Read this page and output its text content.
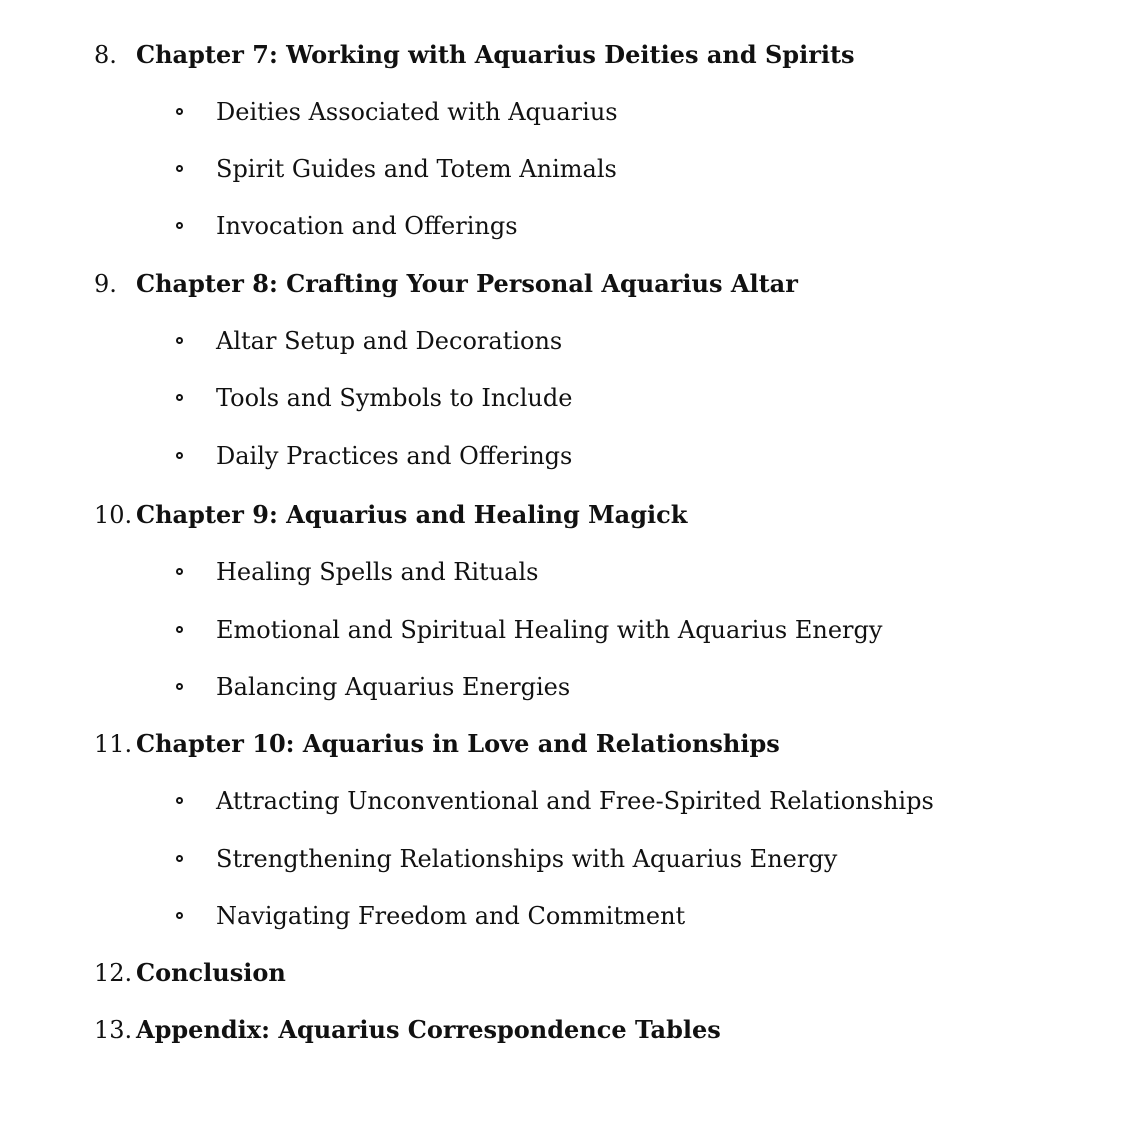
8. Chapter 7: Working with Aquarius Deities and Spirits
Deities Associated with Aquarius
Spirit Guides and Totem Animals
Invocation and Offerings
9. Chapter 8: Crafting Your Personal Aquarius Altar
Altar Setup and Decorations
Tools and Symbols to Include
Daily Practices and Offerings
10. Chapter 9: Aquarius and Healing Magick
Healing Spells and Rituals
Emotional and Spiritual Healing with Aquarius Energy
Balancing Aquarius Energies
11. Chapter 10: Aquarius in Love and Relationships
Attracting Unconventional and Free-Spirited Relationships
Strengthening Relationships with Aquarius Energy
Navigating Freedom and Commitment
12. Conclusion
13. Appendix: Aquarius Correspondence Tables
